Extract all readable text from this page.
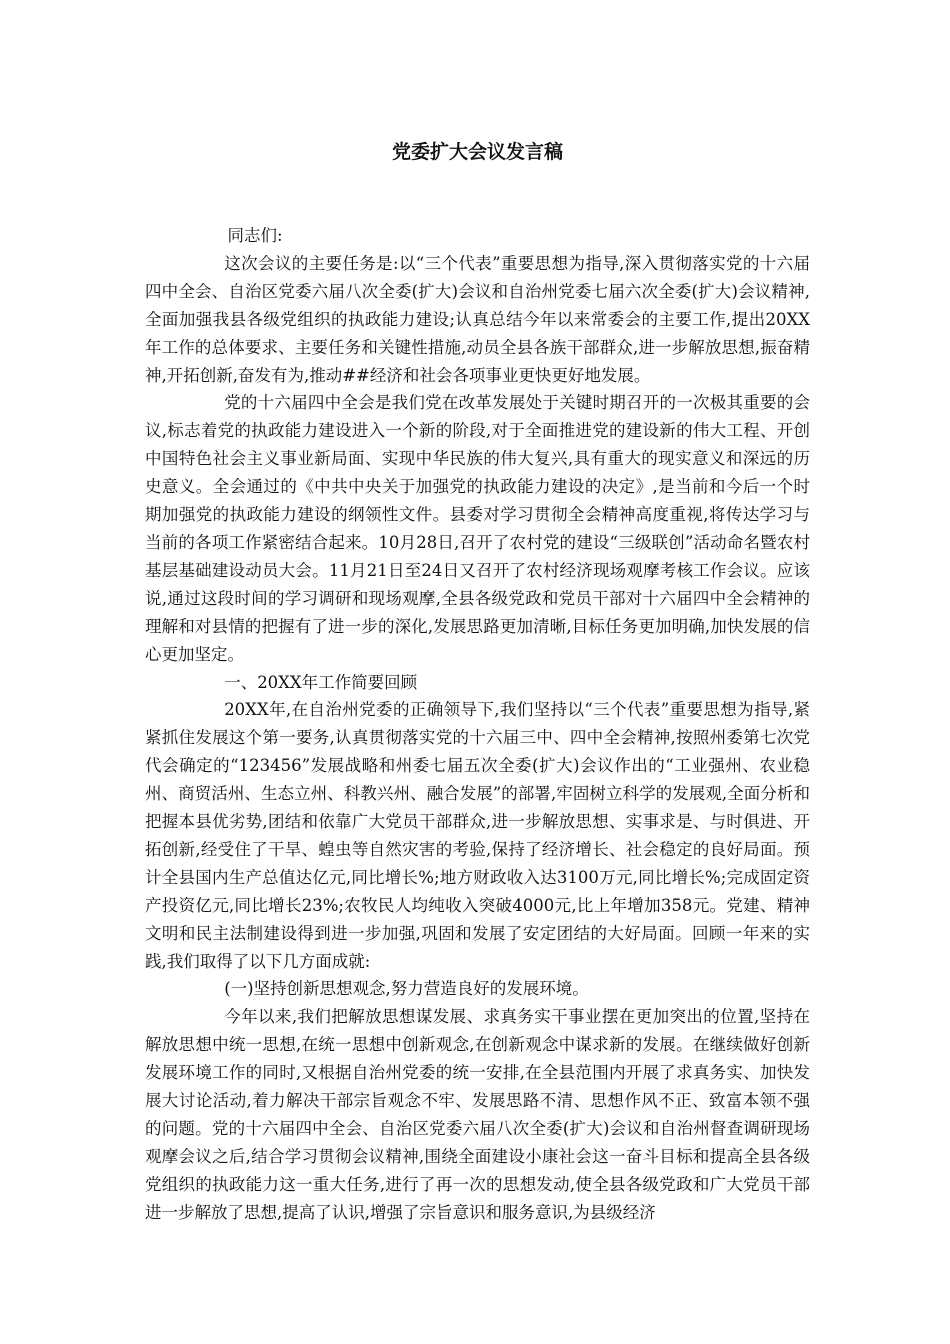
党委扩大会议发言稿

同志们:

这次会议的主要任务是:以“三个代表”重要思想为指导,深入贯彻落实党的十六届四中全会、自治区党委六届八次全委(扩大)会议和自治州党委七届六次全委(扩大)会议精神,全面加强我县各级党组织的执政能力建设;认真总结今年以来常委会的主要工作,提出20XX年工作的总体要求、主要任务和关键性措施,动员全县各族干部群众,进一步解放思想,振奋精神,开拓创新,奋发有为,推动##经济和社会各项事业更快更好地发展。

党的十六届四中全会是我们党在改革发展处于关键时期召开的一次极其重要的会议,标志着党的执政能力建设进入一个新的阶段,对于全面推进党的建设新的伟大工程、开创中国特色社会主义事业新局面、实现中华民族的伟大复兴,具有重大的现实意义和深远的历史意义。全会通过的《中共中央关于加强党的执政能力建设的决定》,是当前和今后一个时期加强党的执政能力建设的纲领性文件。县委对学习贯彻全会精神高度重视,将传达学习与当前的各项工作紧密结合起来。10月28日,召开了农村党的建设“三级联创”活动命名暨农村基层基础建设动员大会。11月21日至24日又召开了农村经济现场观摩考核工作会议。应该说,通过这段时间的学习调研和现场观摩,全县各级党政和党员干部对十六届四中全会精神的理解和对县情的把握有了进一步的深化,发展思路更加清晰,目标任务更加明确,加快发展的信心更加坚定。

一、20XX年工作简要回顾

20XX年,在自治州党委的正确领导下,我们坚持以“三个代表”重要思想为指导,紧紧抓住发展这个第一要务,认真贯彻落实党的十六届三中、四中全会精神,按照州委第七次党代会确定的“123456”发展战略和州委七届五次全委(扩大)会议作出的“工业强州、农业稳州、商贸活州、生态立州、科教兴州、融合发展”的部署,牢固树立科学的发展观,全面分析和把握本县优劣势,团结和依靠广大党员干部群众,进一步解放思想、实事求是、与时俱进、开拓创新,经受住了干旱、蝗虫等自然灾害的考验,保持了经济增长、社会稳定的良好局面。预计全县国内生产总值达亿元,同比增长%;地方财政收入达3100万元,同比增长%;完成固定资产投资亿元,同比增长23%;农牧民人均纯收入突破4000元,比上年增加358元。党建、精神文明和民主法制建设得到进一步加强,巩固和发展了安定团结的大好局面。回顾一年来的实践,我们取得了以下几方面成就:

(一)坚持创新思想观念,努力营造良好的发展环境。

今年以来,我们把解放思想谋发展、求真务实干事业摆在更加突出的位置,坚持在解放思想中统一思想,在统一思想中创新观念,在创新观念中谋求新的发展。在继续做好创新发展环境工作的同时,又根据自治州党委的统一安排,在全县范围内开展了求真务实、加快发展大讨论活动,着力解决干部宗旨观念不牢、发展思路不清、思想作风不正、致富本领不强的问题。党的十六届四中全会、自治区党委六届八次全委(扩大)会议和自治州督查调研现场观摩会议之后,结合学习贯彻会议精神,围绕全面建设小康社会这一奋斗目标和提高全县各级党组织的执政能力这一重大任务,进行了再一次的思想发动,使全县各级党政和广大党员干部进一步解放了思想,提高了认识,增强了宗旨意识和服务意识,为县级经济
